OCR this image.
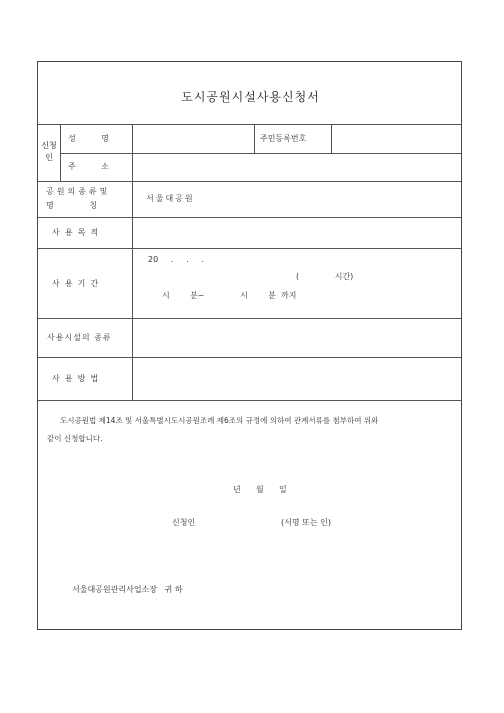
도시공원시설사용신청서
신청인
성          명	주민등록번호
주          소
공원의종류및
명              칭
서울대공원
사  용  목  적
사  용  기  간
20     .     .     .
(              시간)
시        분~              시        분  까지
사용시설의 종류
사  용  방  법
도시공원법 제14조 및 서울특별시도시공원조례 제6조의 규정에 의하여 관계서류를 첨부하여 위와
같이 신청합니다.
년      월      일
신청인	(서명 또는 인)
서울대공원관리사업소장   귀 하
